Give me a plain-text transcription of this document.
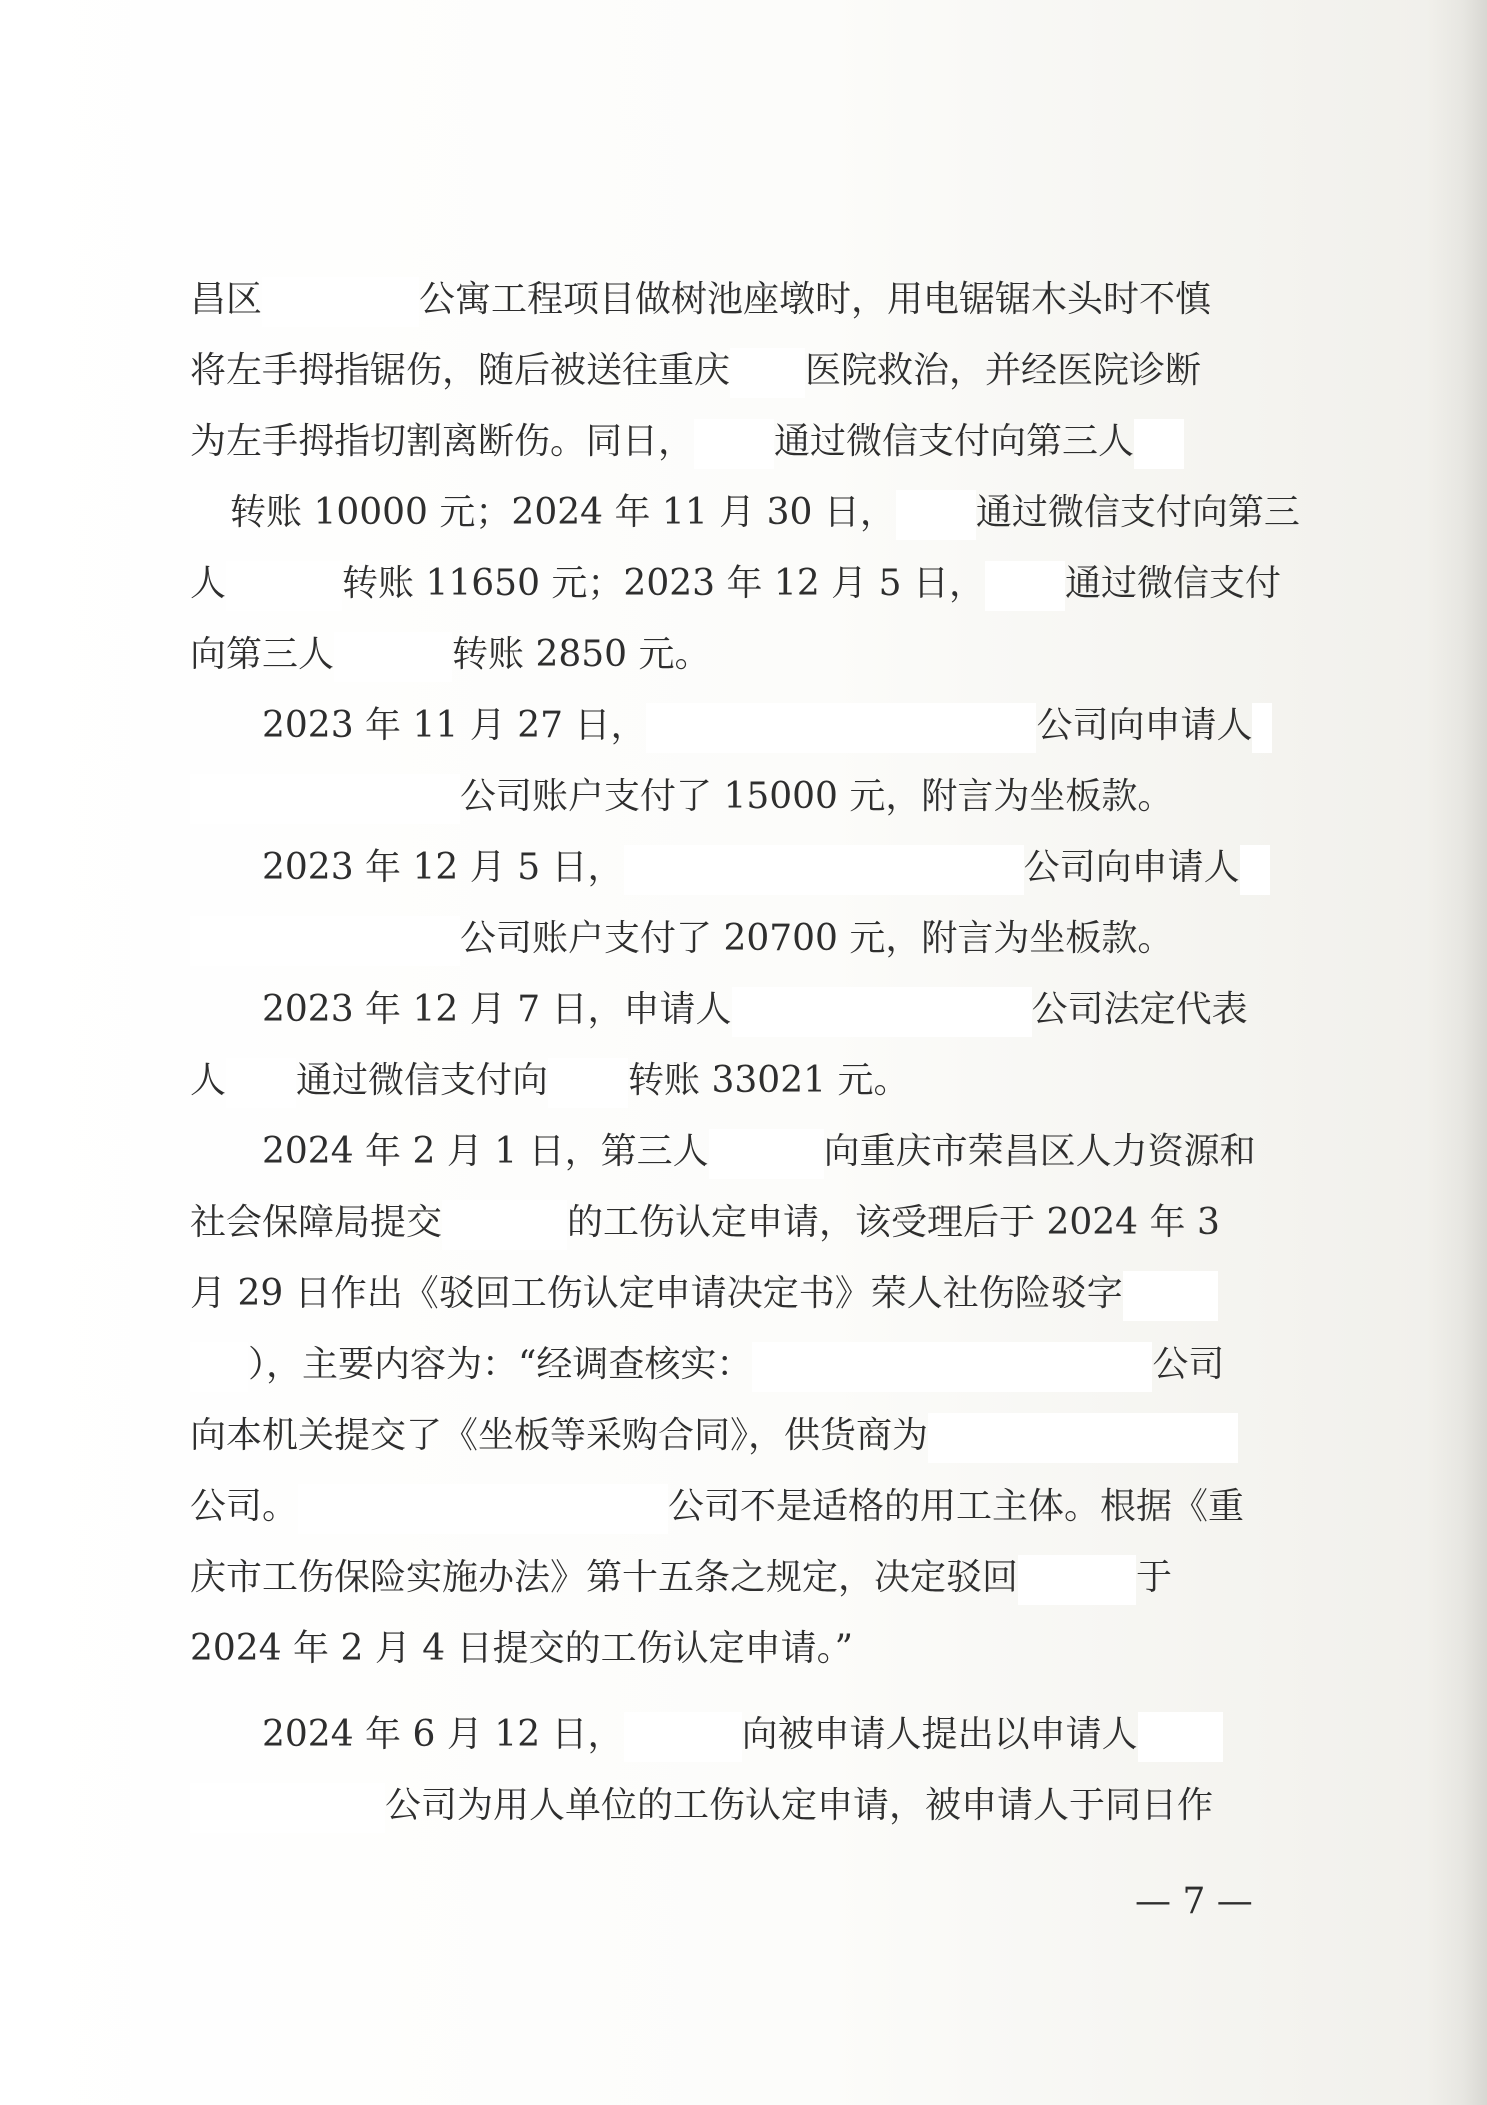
昌区	公寓工程项目做树池座墩时，用电锯锯木头时不慎
将左手拇指锯伤，随后被送往重庆 医院救治，并经医院诊断
为左手拇指切割离断伤。同日， 通过微信支付向第三人
转账 10000 元；2024 年 11 月 30 日， 通过微信支付向第三
人	转账 11650 元；2023 年 12 月 5 日， 通过微信支付
向第三人	转账 2850 元。
2023 年 11 月 27 日，	公司向申请人
公司账户支付了 15000 元，附言为坐板款。
2023 年 12 月 5 日，	公司向申请人
公司账户支付了 20700 元，附言为坐板款。
2023 年 12 月 7 日，申请人	公司法定代表
人 通过微信支付向 转账 33021 元。
2024 年 2 月 1 日，第三人	向重庆市荣昌区人力资源和
社会保障局提交	的工伤认定申请，该受理后于 2024 年 3
月 29 日作出《驳回工伤认定申请决定书》荣人社伤险驳字
），主要内容为：“经调查核实：	公司
向本机关提交了《坐板等采购合同》，供货商为
公司。	公司不是适格的用工主体。根据《重
庆市工伤保险实施办法》第十五条之规定，决定驳回	于
2024 年 2 月 4 日提交的工伤认定申请。”
2024 年 6 月 12 日，	向被申请人提出以申请人
公司为用人单位的工伤认定申请，被申请人于同日作
— 7 —
